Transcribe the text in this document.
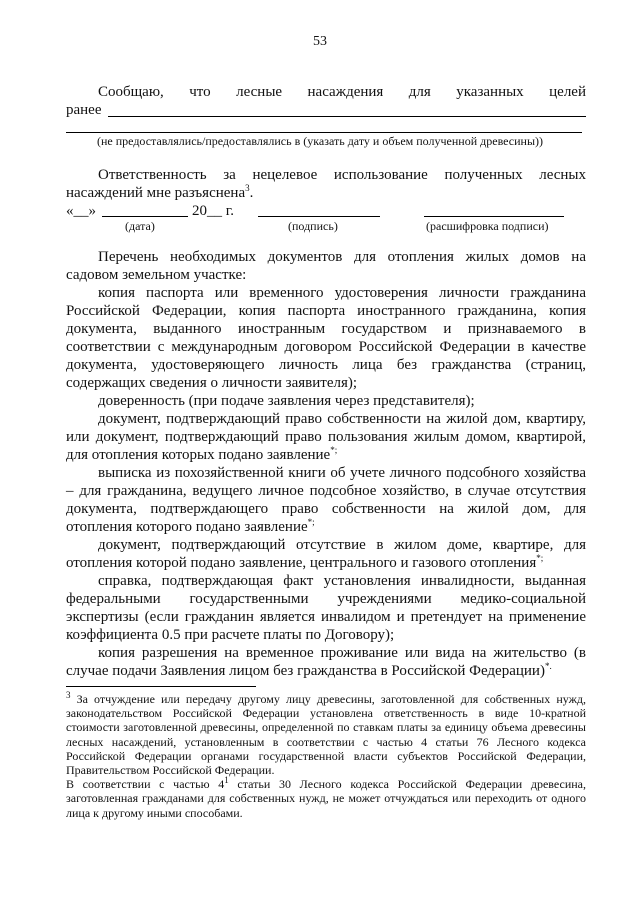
53
Сообщаю, что лесные насаждения для указанных целей
ранее
(не предоставлялись/предоставлялись в (указать дату и объем полученной древесины))
Ответственность за нецелевое использование полученных лесных насаждений мне разъяснена$^3$.
«__»	20__ г.
(дата)	(подпись)	(расшифровка подписи)
Перечень необходимых документов для отопления жилых домов на садовом земельном участке:
копия паспорта или временного удостоверения личности гражданина Российской Федерации, копия паспорта иностранного гражданина, копия документа, выданного иностранным государством и признаваемого в соответствии с международным договором Российской Федерации в качестве документа, удостоверяющего личность лица без гражданства (страниц, содержащих сведения о личности заявителя);
доверенность (при подаче заявления через представителя);
документ, подтверждающий право собственности на жилой дом, квартиру, или документ, подтверждающий право пользования жилым домом, квартирой, для отопления которых подано заявление*;
выписка из похозяйственной книги об учете личного подсобного хозяйства – для гражданина, ведущего личное подсобное хозяйство, в случае отсутствия документа, подтверждающего право собственности на жилой дом, для отопления которого подано заявление*;
документ, подтверждающий отсутствие в жилом доме, квартире, для отопления которой подано заявление, центрального и газового отопления*;
справка, подтверждающая факт установления инвалидности, выданная федеральными государственными учреждениями медико-социальной экспертизы (если гражданин является инвалидом и претендует на применение коэффициента 0.5 при расчете платы по Договору);
копия разрешения на временное проживание или вида на жительство (в случае подачи Заявления лицом без гражданства в Российской Федерации)*.
$^3$ За отчуждение или передачу другому лицу древесины, заготовленной для собственных нужд, законодательством Российской Федерации установлена ответственность в виде 10-кратной стоимости заготовленной древесины, определенной по ставкам платы за единицу объема древесины лесных насаждений, установленным в соответствии с частью 4 статьи 76 Лесного кодекса Российской Федерации органами государственной власти субъектов Российской Федерации, Правительством Российской Федерации.
В соответствии с частью $4^1$ статьи 30 Лесного кодекса Российской Федерации древесина, заготовленная гражданами для собственных нужд, не может отчуждаться или переходить от одного лица к другому иными способами.
